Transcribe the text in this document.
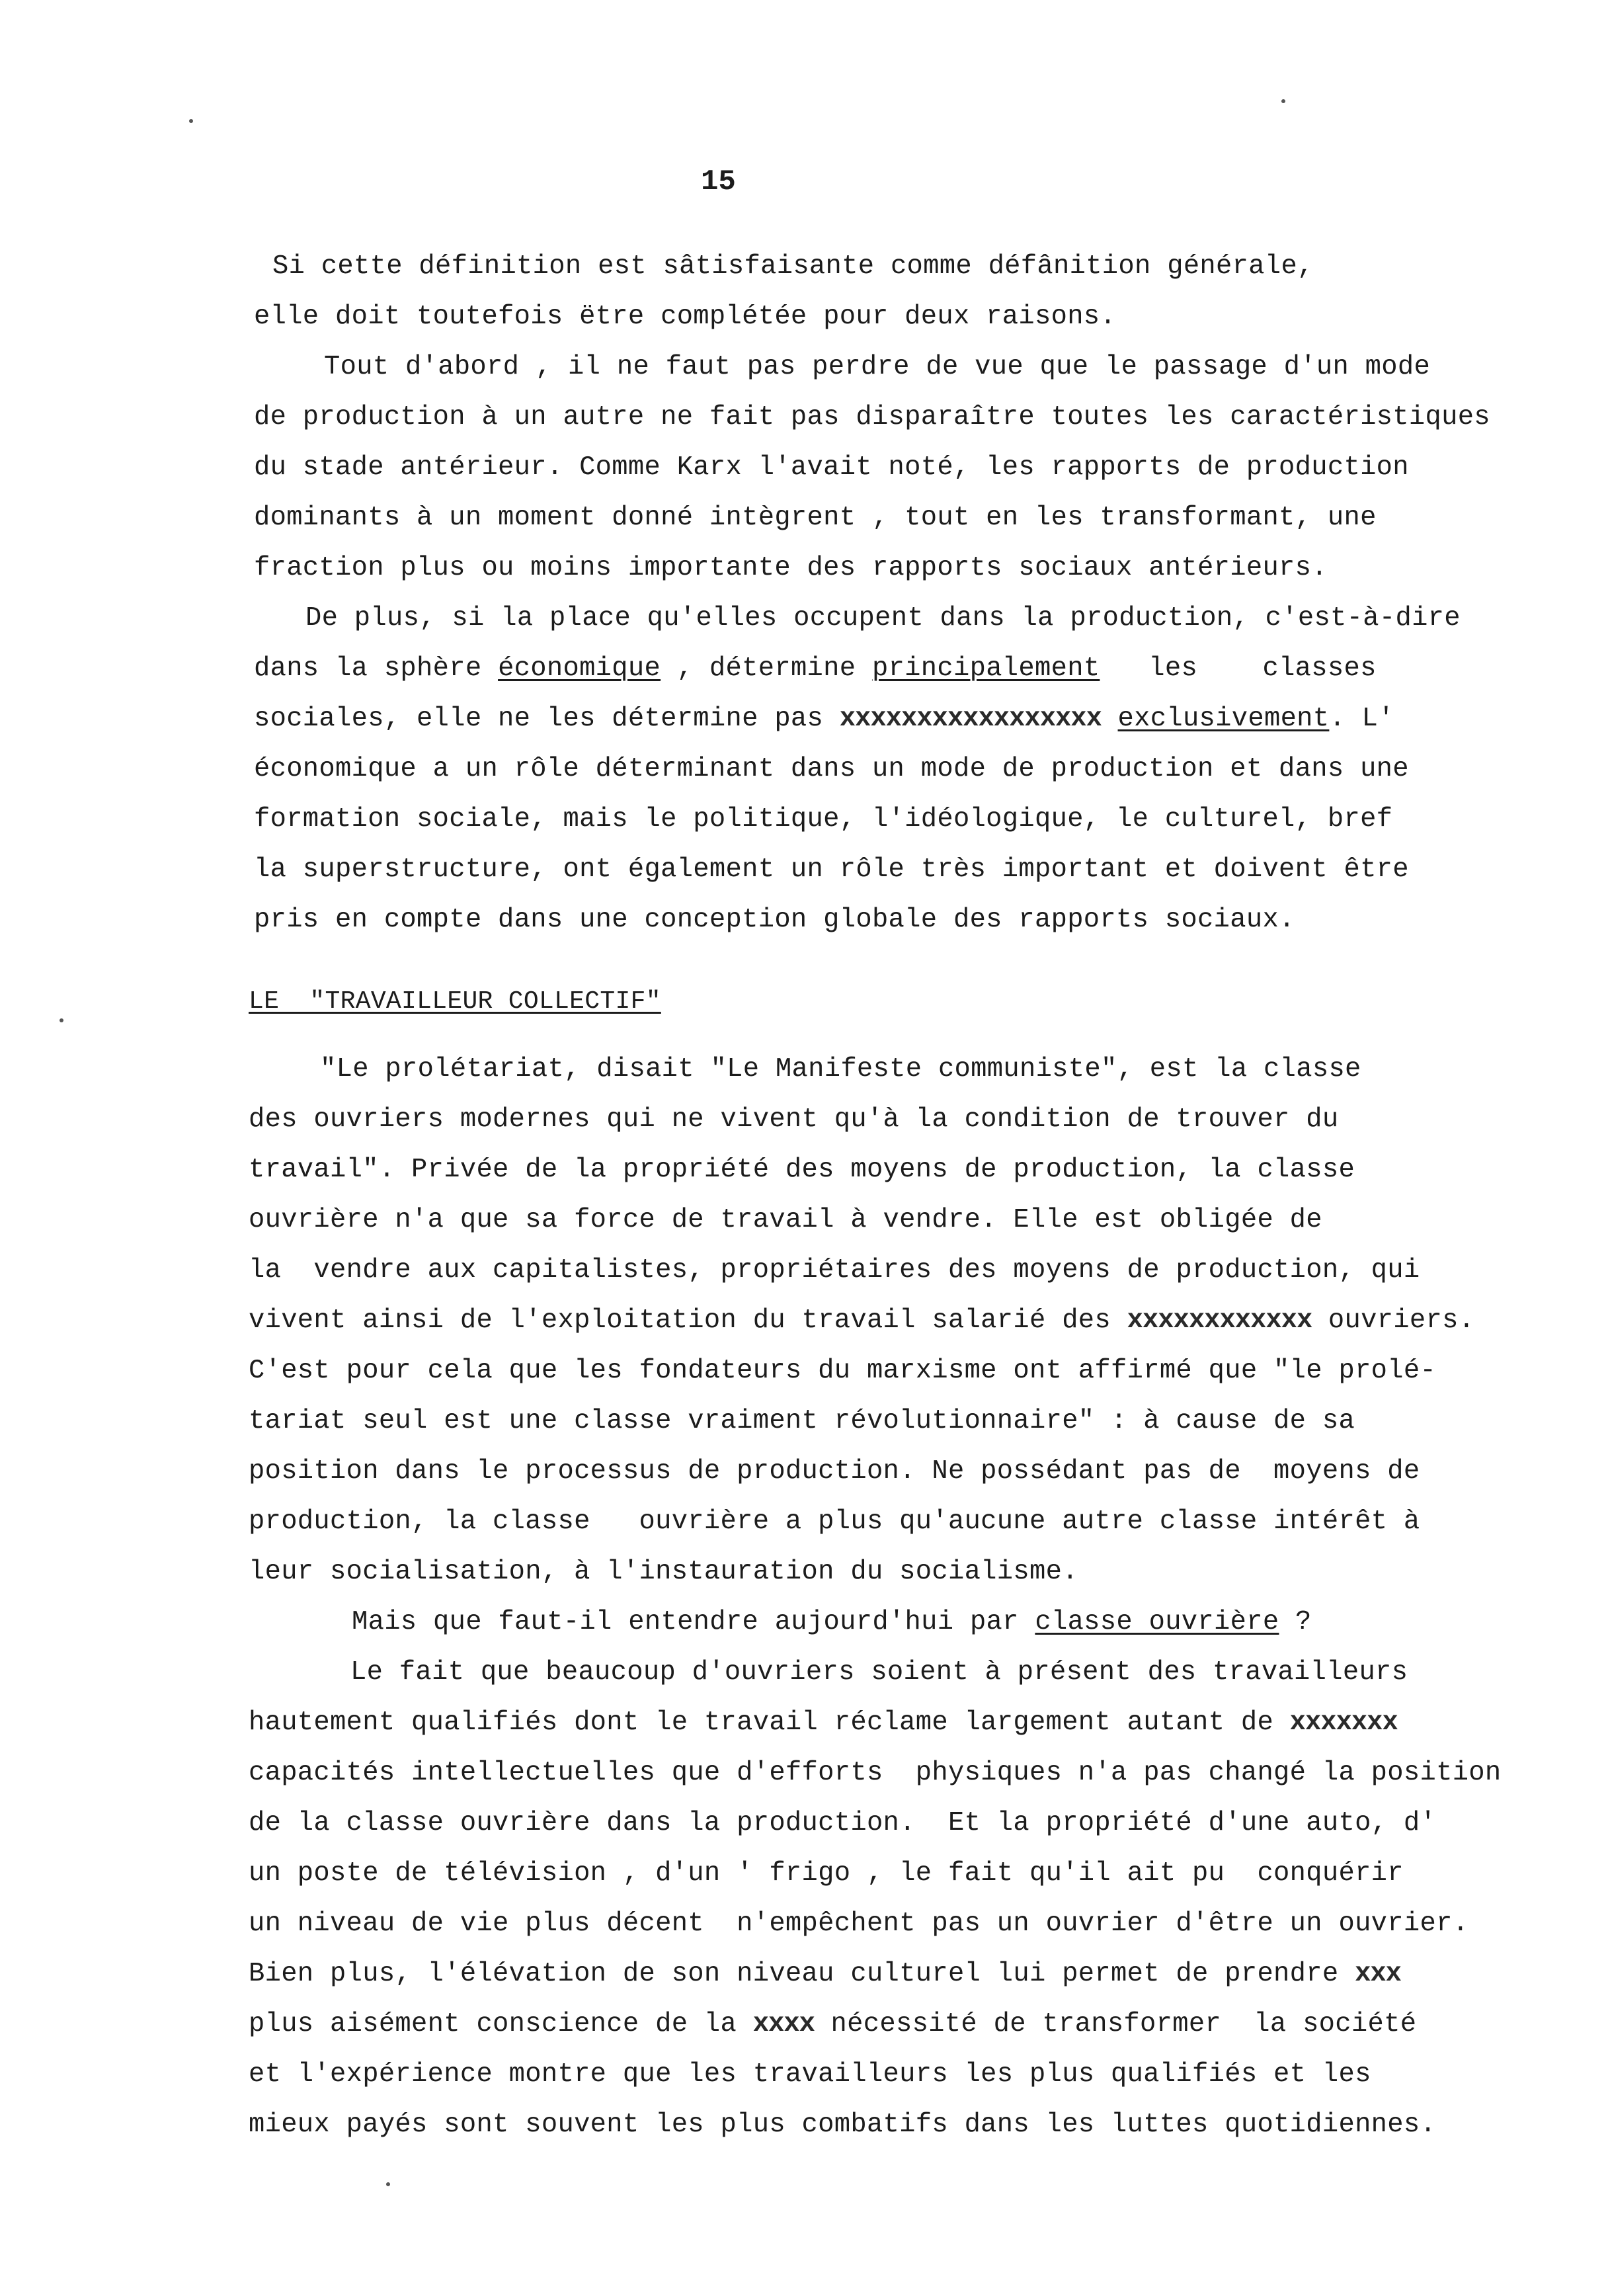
15
Si cette définition est sâtisfaisante comme défânition générale,
elle doit toutefois ëtre complétée pour deux raisons.
Tout d'abord , il ne faut pas perdre de vue que le passage d'un mode
de production à un autre ne fait pas disparaître toutes les caractéristiques
du stade antérieur. Comme Karx l'avait noté, les rapports de production
dominants à un moment donné intègrent , tout en les transformant, une
fraction plus ou moins importante des rapports sociaux antérieurs.
De plus, si la place qu'elles occupent dans la production, c'est-à-dire
dans la sphère économique , détermine principalement   les    classes
sociales, elle ne les détermine pas xxxxxxxxxxxxxxxxx exclusivement. L'
économique a un rôle déterminant dans un mode de production et dans une
formation sociale, mais le politique, l'idéologique, le culturel, bref
la superstructure, ont également un rôle très important et doivent être
pris en compte dans une conception globale des rapports sociaux.
LE  "TRAVAILLEUR COLLECTIF"
"Le prolétariat, disait "Le Manifeste communiste", est la classe
des ouvriers modernes qui ne vivent qu'à la condition de trouver du
travail". Privée de la propriété des moyens de production, la classe
ouvrière n'a que sa force de travail à vendre. Elle est obligée de
la  vendre aux capitalistes, propriétaires des moyens de production, qui
vivent ainsi de l'exploitation du travail salarié des xxxxxxxxxxxx ouvriers.
C'est pour cela que les fondateurs du marxisme ont affirmé que "le prolé-
tariat seul est une classe vraiment révolutionnaire" : à cause de sa
position dans le processus de production. Ne possédant pas de  moyens de
production, la classe   ouvrière a plus qu'aucune autre classe intérêt à
leur socialisation, à l'instauration du socialisme.
Mais que faut-il entendre aujourd'hui par classe ouvrière ?
Le fait que beaucoup d'ouvriers soient à présent des travailleurs
hautement qualifiés dont le travail réclame largement autant de xxxxxxx
capacités intellectuelles que d'efforts  physiques n'a pas changé la position
de la classe ouvrière dans la production.  Et la propriété d'une auto, d'
un poste de télévision , d'un ' frigo , le fait qu'il ait pu  conquérir
un niveau de vie plus décent  n'empêchent pas un ouvrier d'être un ouvrier.
Bien plus, l'élévation de son niveau culturel lui permet de prendre xxx
plus aisément conscience de la xxxx nécessité de transformer  la société
et l'expérience montre que les travailleurs les plus qualifiés et les
mieux payés sont souvent les plus combatifs dans les luttes quotidiennes.
